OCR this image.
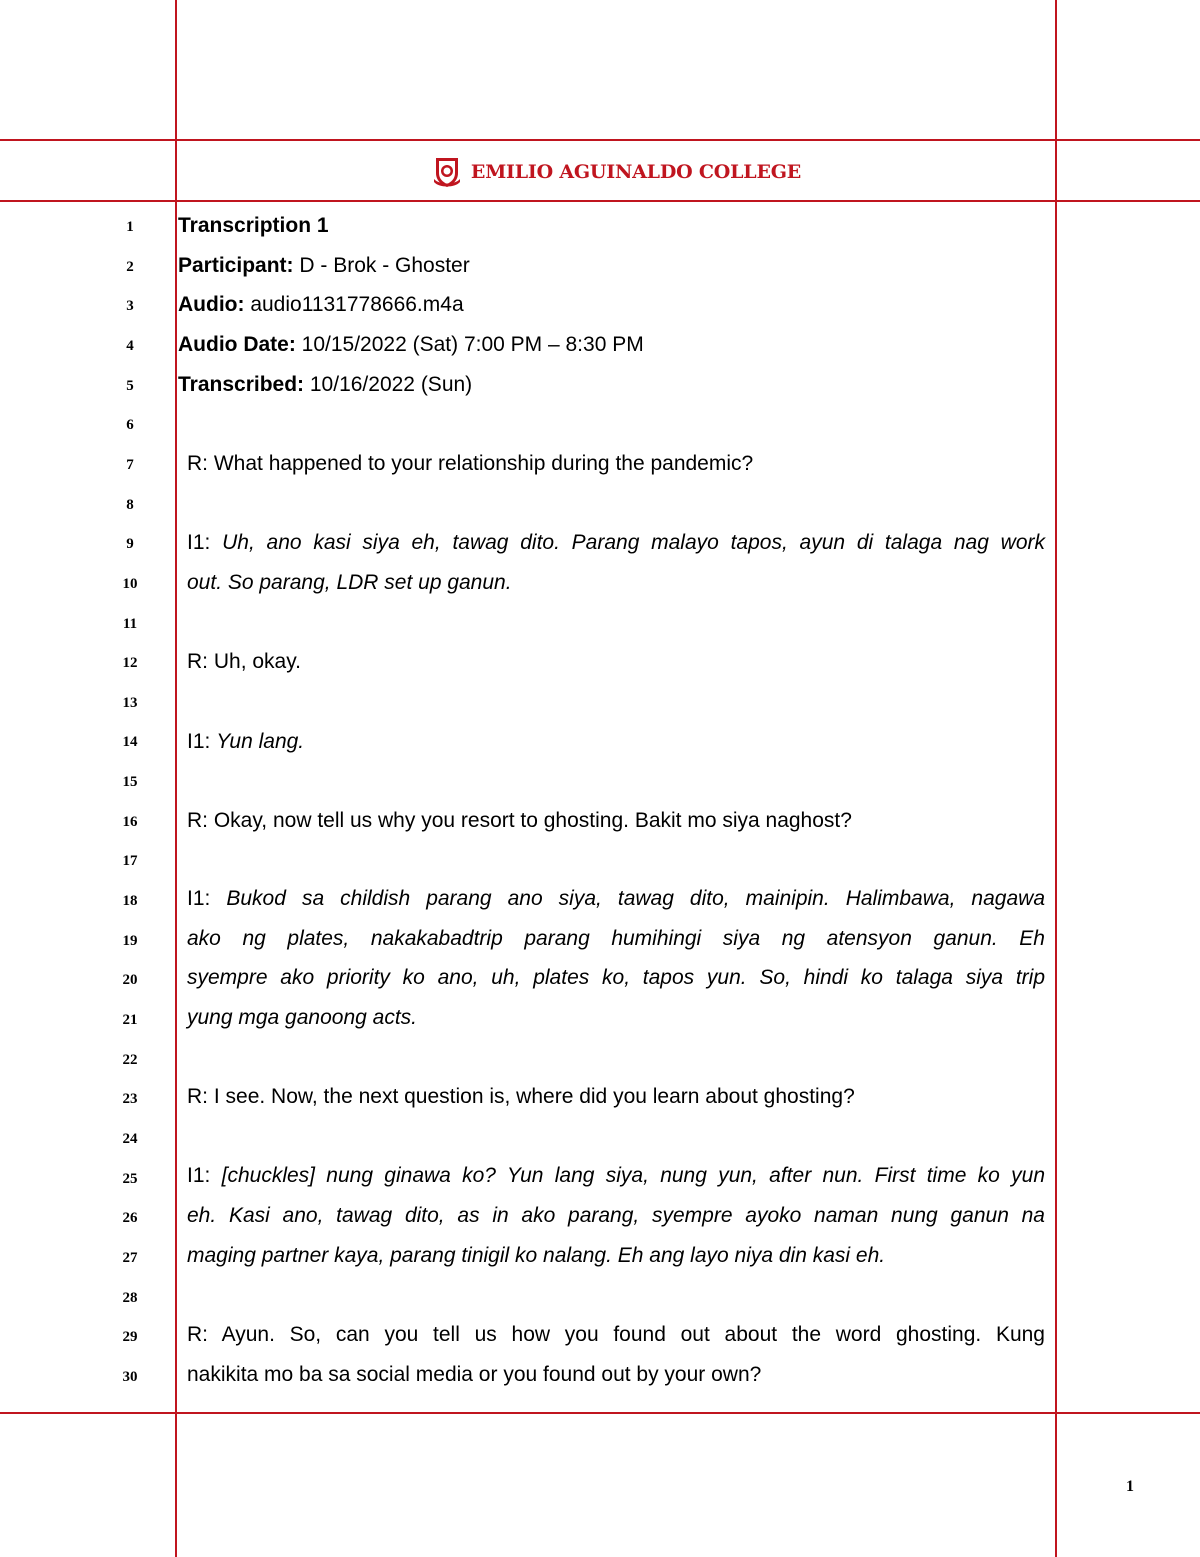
EMILIO AGUINALDO COLLEGE
1
2
3
4
5
6
7
8
9
10
11
12
13
14
15
16
17
18
19
20
21
22
23
24
25
26
27
28
29
30
Transcription 1
Participant: D - Brok - Ghoster
Audio: audio1131778666.m4a
Audio Date: 10/15/2022 (Sat) 7:00 PM – 8:30 PM
Transcribed: 10/16/2022 (Sun)
R: What happened to your relationship during the pandemic?
I1: Uh, ano kasi siya eh, tawag dito. Parang malayo tapos, ayun di talaga nag work
out. So parang, LDR set up ganun.
R: Uh, okay.
I1: Yun lang.
R: Okay, now tell us why you resort to ghosting. Bakit mo siya naghost?
I1: Bukod sa childish parang ano siya, tawag dito, mainipin. Halimbawa, nagawa
ako ng plates, nakakabadtrip parang humihingi siya ng atensyon ganun. Eh
syempre ako priority ko ano, uh, plates ko, tapos yun. So, hindi ko talaga siya trip
yung mga ganoong acts.
R: I see. Now, the next question is, where did you learn about ghosting?
I1: [chuckles] nung ginawa ko? Yun lang siya, nung yun, after nun. First time ko yun
eh. Kasi ano, tawag dito, as in ako parang, syempre ayoko naman nung ganun na
maging partner kaya, parang tinigil ko nalang. Eh ang layo niya din kasi eh.
R: Ayun. So, can you tell us how you found out about the word ghosting. Kung
nakikita mo ba sa social media or you found out by your own?
1
